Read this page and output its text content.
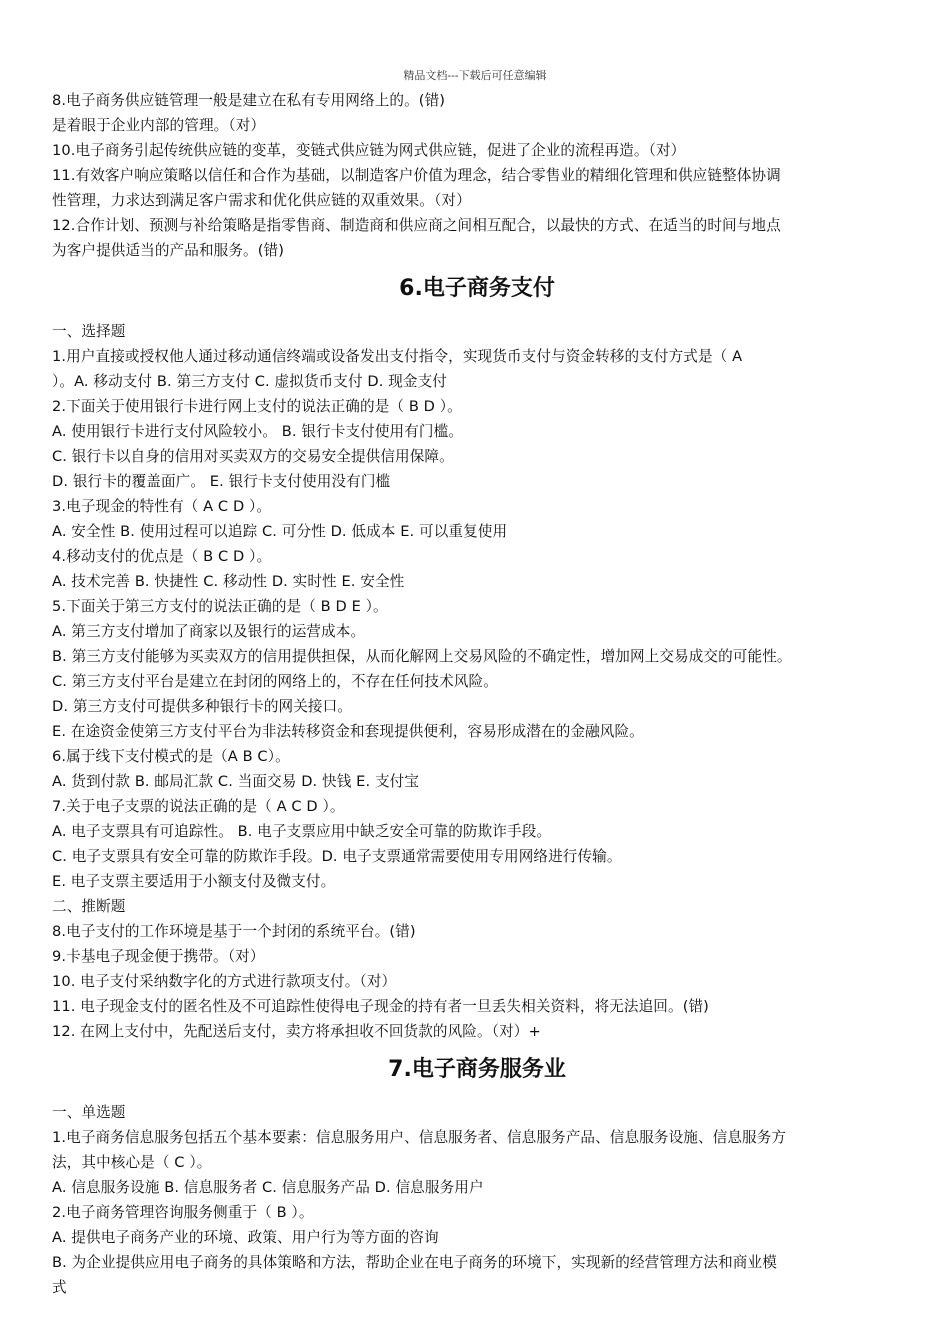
精品文档---下载后可任意编辑
8.电子商务供应链管理一般是建立在私有专用网络上的。(错)
是着眼于企业内部的管理。（对）
10.电子商务引起传统供应链的变革，变链式供应链为网式供应链，促进了企业的流程再造。（对）
11.有效客户响应策略以信任和合作为基础，以制造客户价值为理念，结合零售业的精细化管理和供应链整体协调
性管理，力求达到满足客户需求和优化供应链的双重效果。（对）
12.合作计划、预测与补给策略是指零售商、制造商和供应商之间相互配合，以最快的方式、在适当的时间与地点
为客户提供适当的产品和服务。(错)
6.电子商务支付
一、选择题
1.用户直接或授权他人通过移动通信终端或设备发出支付指令，实现货币支付与资金转移的支付方式是（ A
）。A. 移动支付 B. 第三方支付 C. 虚拟货币支付 D. 现金支付
2.下面关于使用银行卡进行网上支付的说法正确的是（ B D ）。
A. 使用银行卡进行支付风险较小。 B. 银行卡支付使用有门槛。
C. 银行卡以自身的信用对买卖双方的交易安全提供信用保障。
D. 银行卡的覆盖面广。 E. 银行卡支付使用没有门槛
3.电子现金的特性有（ A C D ）。
A. 安全性 B. 使用过程可以追踪 C. 可分性 D. 低成本 E. 可以重复使用
4.移动支付的优点是（ B C D ）。
A. 技术完善 B. 快捷性 C. 移动性 D. 实时性 E. 安全性
5.下面关于第三方支付的说法正确的是（ B D E ）。
A. 第三方支付增加了商家以及银行的运营成本。
B. 第三方支付能够为买卖双方的信用提供担保，从而化解网上交易风险的不确定性，增加网上交易成交的可能性。
C. 第三方支付平台是建立在封闭的网络上的，不存在任何技术风险。
D. 第三方支付可提供多种银行卡的网关接口。
E. 在途资金使第三方支付平台为非法转移资金和套现提供便利，容易形成潜在的金融风险。
6.属于线下支付模式的是（A B C）。
A. 货到付款 B. 邮局汇款 C. 当面交易 D. 快钱 E. 支付宝
7.关于电子支票的说法正确的是（ A C D ）。
A. 电子支票具有可追踪性。 B. 电子支票应用中缺乏安全可靠的防欺诈手段。
C. 电子支票具有安全可靠的防欺诈手段。D. 电子支票通常需要使用专用网络进行传输。
E. 电子支票主要适用于小额支付及微支付。
二、推断题
8.电子支付的工作环境是基于一个封闭的系统平台。(错)
9.卡基电子现金便于携带。（对）
10. 电子支付采纳数字化的方式进行款项支付。（对）
11. 电子现金支付的匿名性及不可追踪性使得电子现金的持有者一旦丢失相关资料，将无法追回。(错)
12. 在网上支付中，先配送后支付，卖方将承担收不回货款的风险。（对）+
7.电子商务服务业
一、单选题
1.电子商务信息服务包括五个基本要素：信息服务用户、信息服务者、信息服务产品、信息服务设施、信息服务方
法，其中核心是（ C ）。
A. 信息服务设施 B. 信息服务者 C. 信息服务产品 D. 信息服务用户
2.电子商务管理咨询服务侧重于（ B ）。
A. 提供电子商务产业的环境、政策、用户行为等方面的咨询
B. 为企业提供应用电子商务的具体策略和方法，帮助企业在电子商务的环境下，实现新的经营管理方法和商业模
式
